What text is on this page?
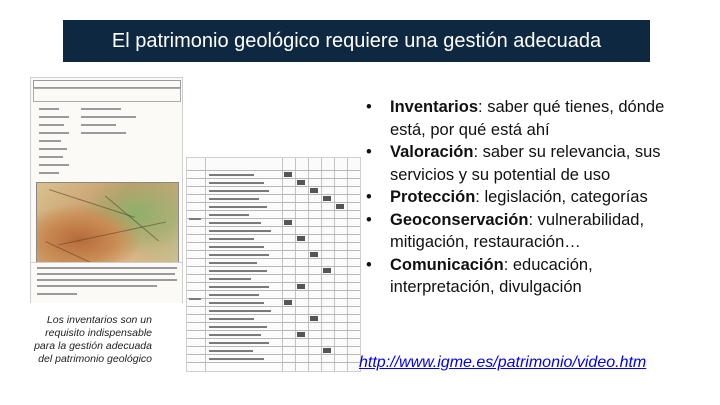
El patrimonio geológico requiere una gestión adecuada
Los inventarios son un requisito indispensable para la gestión adecuada del patrimonio geológico
• Inventarios: saber qué tienes, dónde está, por qué está ahí
• Valoración: saber su relevancia, sus servicios y su potential de uso
• Protección: legislación, categorías
• Geoconservación: vulnerabilidad, mitigación, restauración…
• Comunicación: educación, interpretación, divulgación
http://www.igme.es/patrimonio/video.htm
